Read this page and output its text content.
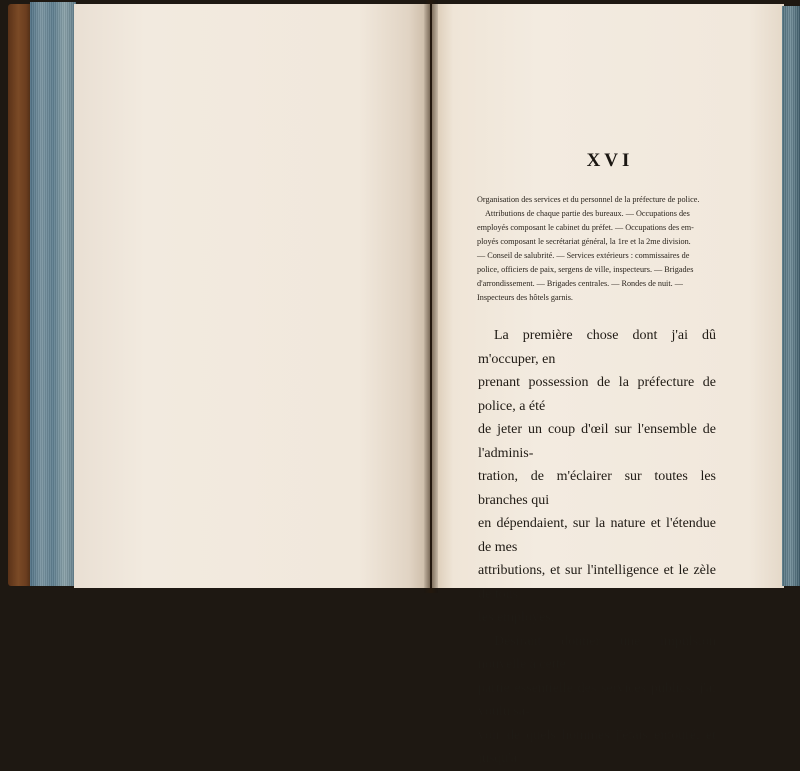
XVI

Organisation des services et du personnel de la préfecture de police.

Attributions de chaque partie des bureaux. — Occupations des

employés composant le cabinet du préfet. — Occupations des em-

ployés composant le secrétariat général, la 1re et la 2me division.

— Conseil de salubrité. — Services extérieurs : commissaires de

police, officiers de paix, sergens de ville, inspecteurs. — Brigades

d'arrondissement. — Brigades centrales. — Rondes de nuit. —

Inspecteurs des hôtels garnis.

La première chose dont j'ai dû m'occuper, en

prenant possession de la préfecture de police, a été

de jeter un coup d'œil sur l'ensemble de l'adminis-

tration, de m'éclairer sur toutes les branches qui

en dépendaient, sur la nature et l'étendue de mes

attributions, et sur l'intelligence et le zèle de tous

les employés.

Désirant donner une impulsion nouvelle à cette

partie essentielle des services publics, j'ai voulu sa-

voir de quels hommes j'étais entouré, et jusqu'à
